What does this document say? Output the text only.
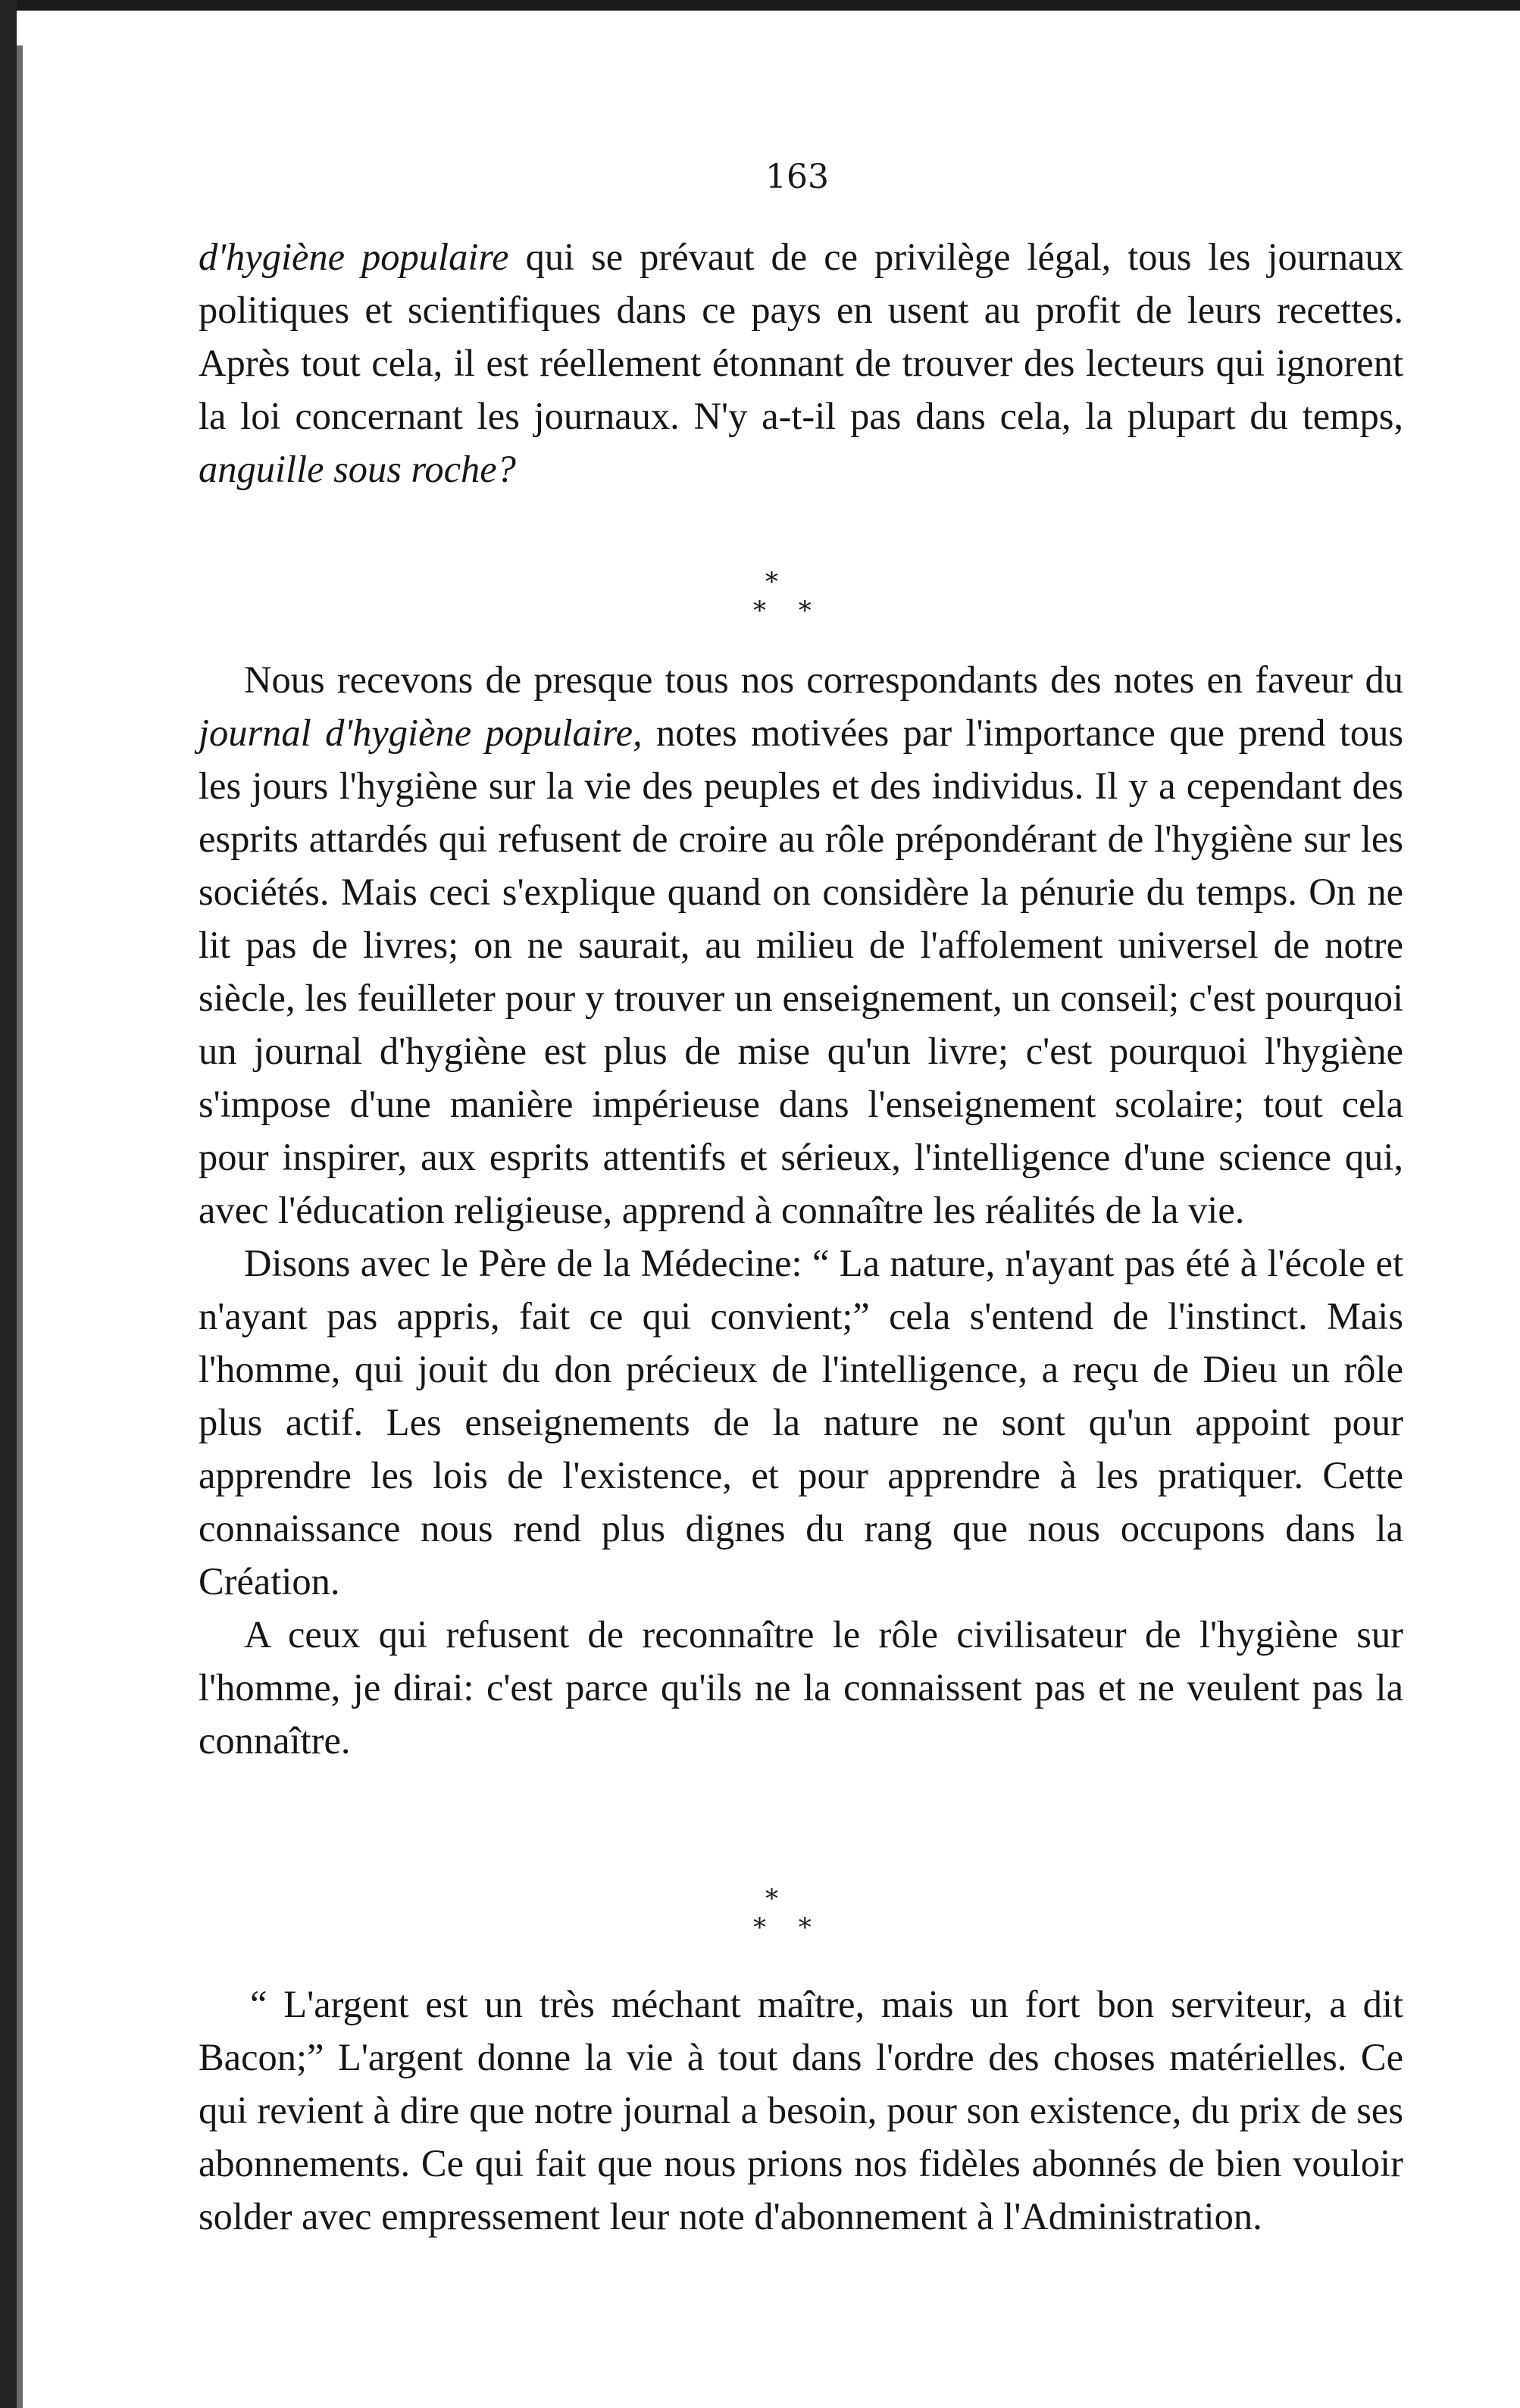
163

d'hygiène populaire qui se prévaut de ce privilège légal, tous les journaux politiques et scientifiques dans ce pays en usent au profit de leurs recettes. Après tout cela, il est réellement étonnant de trouver des lecteurs qui ignorent la loi concernant les journaux. N'y a-t-il pas dans cela, la plupart du temps, anguille sous roche?

*
* *

Nous recevons de presque tous nos correspondants des notes en faveur du journal d'hygiène populaire, notes motivées par l'importance que prend tous les jours l'hygiène sur la vie des peuples et des individus. Il y a cependant des esprits attardés qui refusent de croire au rôle prépondérant de l'hygiène sur les sociétés. Mais ceci s'explique quand on considère la pénurie du temps. On ne lit pas de livres; on ne saurait, au milieu de l'affolement universel de notre siècle, les feuilleter pour y trouver un enseignement, un conseil; c'est pourquoi un journal d'hygiène est plus de mise qu'un livre; c'est pourquoi l'hygiène s'impose d'une manière impérieuse dans l'enseignement scolaire; tout cela pour inspirer, aux esprits attentifs et sérieux, l'intelligence d'une science qui, avec l'éducation religieuse, apprend à connaître les réalités de la vie.

Disons avec le Père de la Médecine: “ La nature, n'ayant pas été à l'école et n'ayant pas appris, fait ce qui convient;” cela s'entend de l'instinct. Mais l'homme, qui jouit du don précieux de l'intelligence, a reçu de Dieu un rôle plus actif. Les enseignements de la nature ne sont qu'un appoint pour apprendre les lois de l'existence, et pour apprendre à les pratiquer. Cette connaissance nous rend plus dignes du rang que nous occupons dans la Création.

A ceux qui refusent de reconnaître le rôle civilisateur de l'hygiène sur l'homme, je dirai: c'est parce qu'ils ne la connaissent pas et ne veulent pas la connaître.

*
* *

“ L'argent est un très méchant maître, mais un fort bon serviteur, a dit Bacon;” L'argent donne la vie à tout dans l'ordre des choses matérielles. Ce qui revient à dire que notre journal a besoin, pour son existence, du prix de ses abonnements. Ce qui fait que nous prions nos fidèles abonnés de bien vouloir solder avec empressement leur note d'abonnement à l'Administration.
